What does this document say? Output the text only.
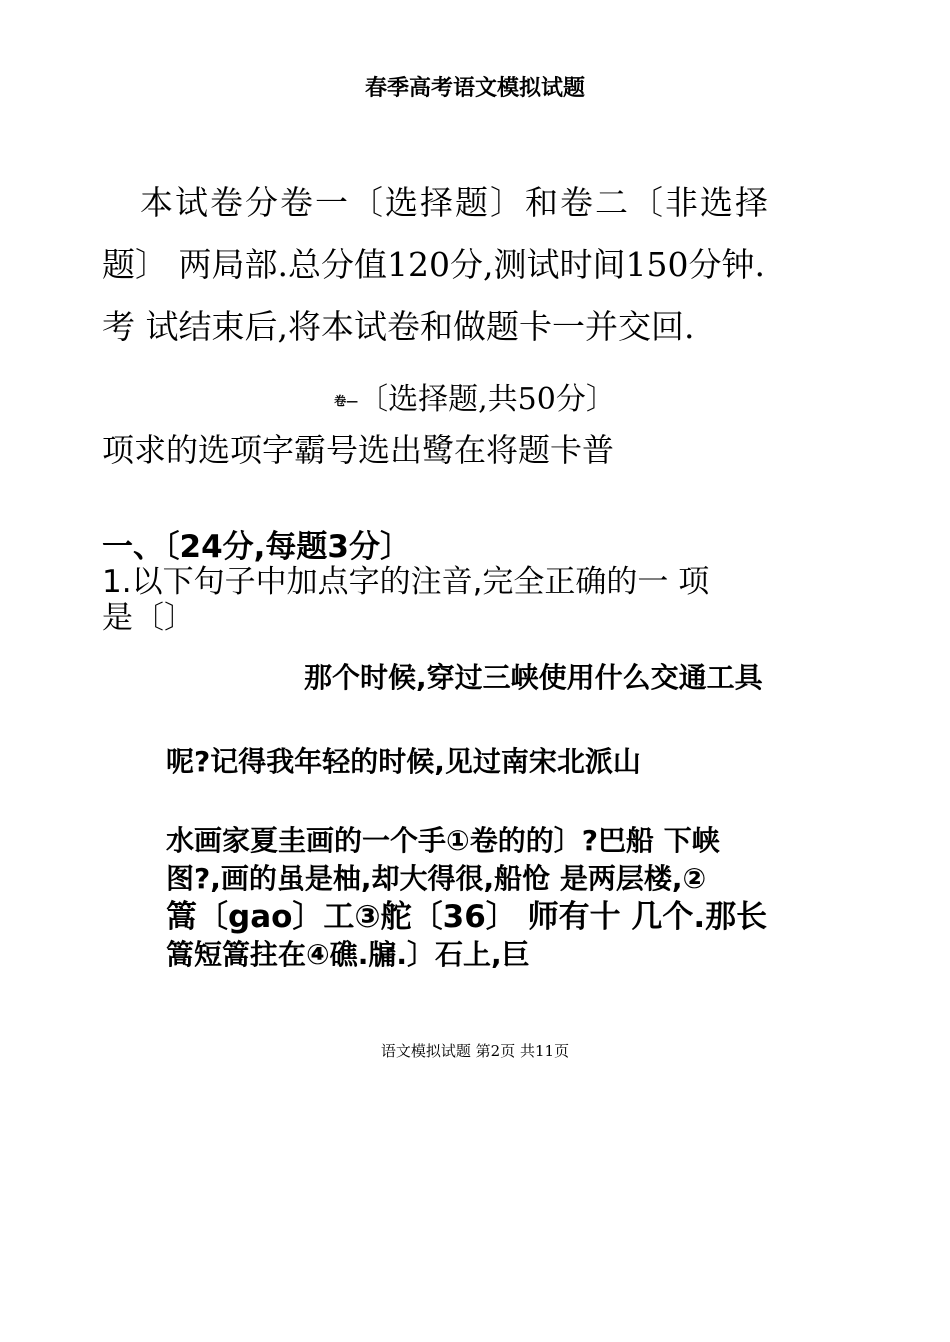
春季高考语文模拟试题

本试卷分卷一〔选择题〕和卷二〔非选择

题〕 两局部.总分值120分,测试时间150分钟.

考 试结束后,将本试卷和做题卡一并交回.

卷—〔选择题,共50分〕
项求的选项字霸号选出鹭在将题卡普
一、〔24分,每题3分〕

1.以下句子中加点字的注音,完全正确的一 项

是〔〕

那个时候,穿过三峡使用什么交通工具
呢?记得我年轻的时候,见过南宋北派山

水画家夏圭画的一个手①卷的的〕?巴船 下峡

图?,画的虽是柚,却大得很,船怆 是两层楼,②

篙〔gao〕工③舵〔36〕 师有十 几个.那长

篙短篙拄在④礁.牖.〕石上,巨

语文模拟试题 第2页 共11页
